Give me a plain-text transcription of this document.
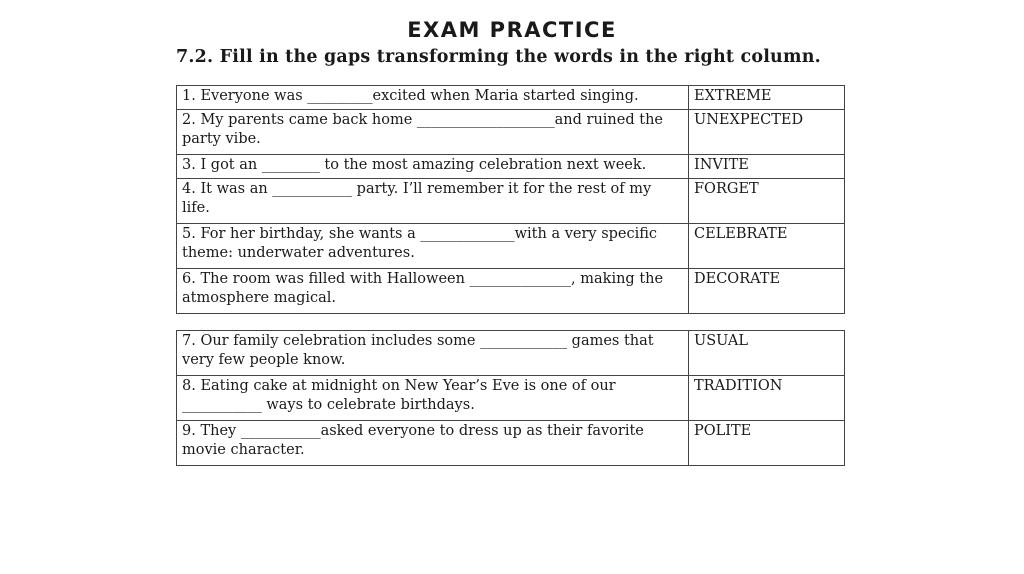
EXAM PRACTICE
7.2. Fill in the gaps transforming the words in the right column.
1. Everyone was _________excited when Maria started singing.	EXTREME
2. My parents came back home ___________________and ruined the party vibe.	UNEXPECTED
3. I got an ________ to the most amazing celebration next week.	INVITE
4. It was an ___________ party. I’ll remember it for the rest of my life.	FORGET
5. For her birthday, she wants a _____________with a very specific theme: underwater adventures.	CELEBRATE
6. The room was filled with Halloween ______________, making the atmosphere magical.	DECORATE
7. Our family celebration includes some ____________ games that very few people know.	USUAL
8. Eating cake at midnight on New Year’s Eve is one of our ___________ ways to celebrate birthdays.	TRADITION
9. They ___________asked everyone to dress up as their favorite movie character.	POLITE
